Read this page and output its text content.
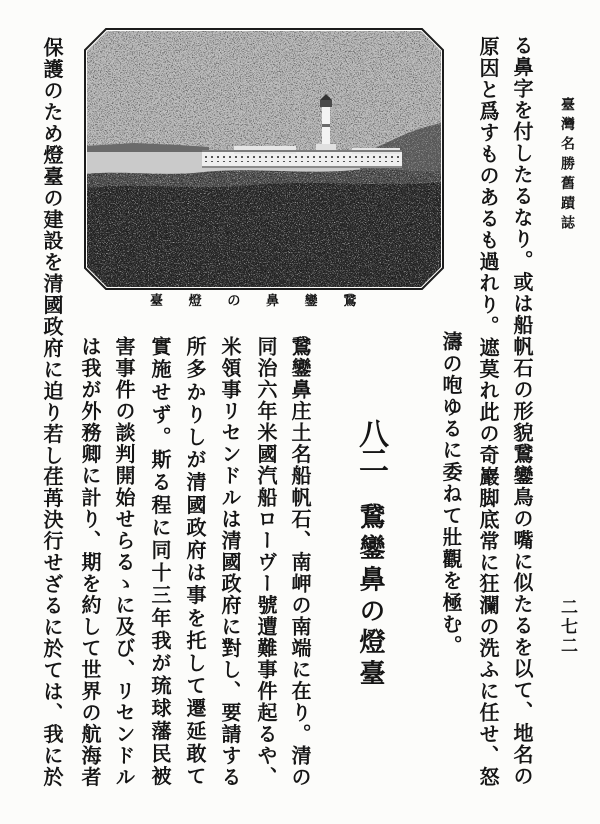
臺灣名勝舊蹟誌
二七二
る鼻字を付したるなり。或は船帆石の形貌鵞鑾鳥の嘴に似たるを以て、地名の
原因と爲すものあるも過れり。遮莫れ此の奇巖脚底常に狂瀾の洗ふに任せ、怒
濤の咆ゆるに委ねて壯觀を極む。
鵞鑾鼻の燈臺
八二
鵞鑾鼻の燈臺
鵞鑾鼻庄土名船帆石、南岬の南端に在り。清の
同治六年米國汽船ローヴー號遭難事件起るや、
米領事リセンドルは清國政府に對し、要請する
所多かりしが清國政府は事を托して遷延敢て
實施せず。斯る程に同十三年我が琉球藩民被
害事件の談判開始せらるゝに及び、リセンドル
は我が外務卿に計り、期を約して世界の航海者
保護のため燈臺の建設を清國政府に迫り若し荏苒決行せざるに於ては、我に於
